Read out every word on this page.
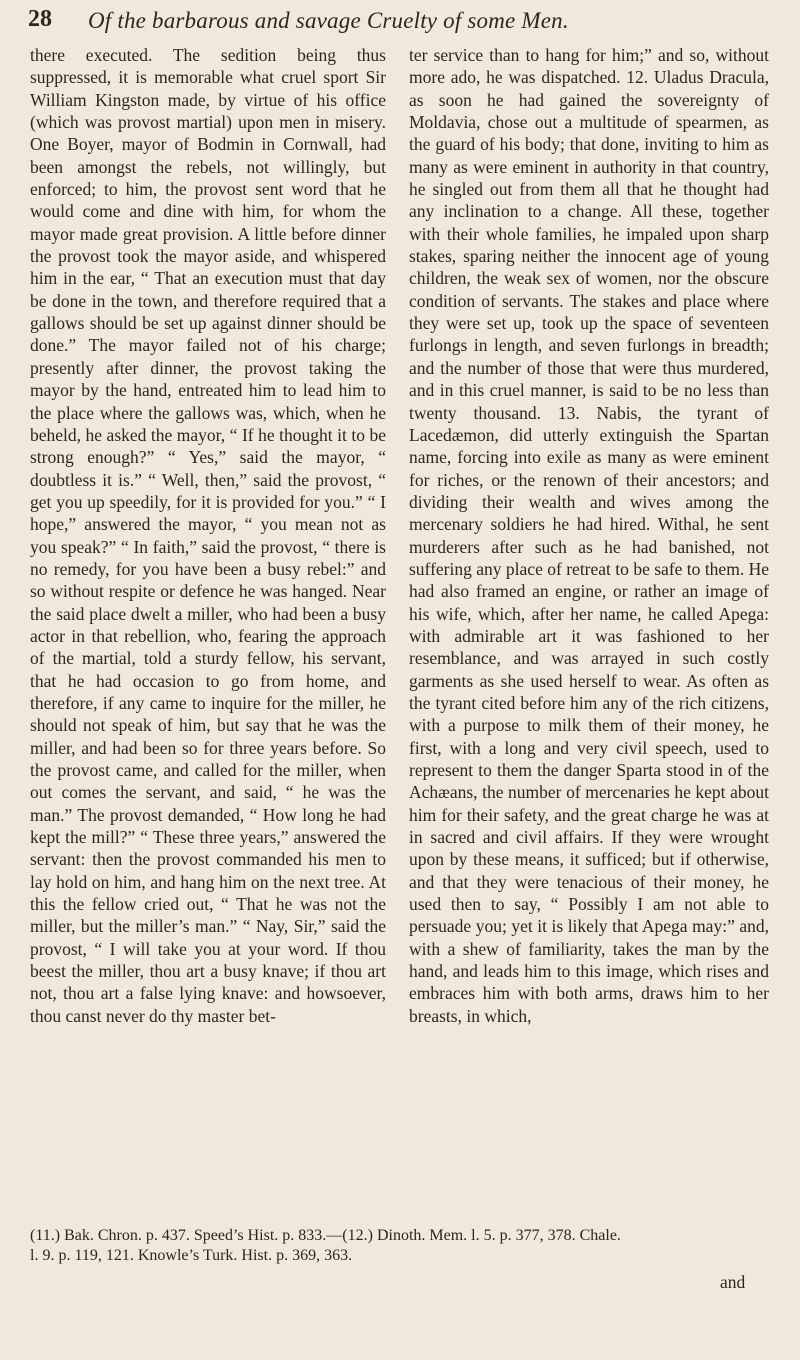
28 Of the barbarous and savage Cruelty of some Men.

there executed. The sedition being thus suppressed, it is memorable what cruel sport Sir William Kingston made, by virtue of his office (which was provost martial) upon men in misery. One Boyer, mayor of Bodmin in Cornwall, had been amongst the rebels, not willingly, but enforced; to him, the provost sent word that he would come and dine with him, for whom the mayor made great provision. A little before dinner the provost took the mayor aside, and whispered him in the ear, “ That an execution must that day be done in the town, and therefore required that a gallows should be set up against dinner should be done.” The mayor failed not of his charge; presently after dinner, the provost taking the mayor by the hand, entreated him to lead him to the place where the gallows was, which, when he beheld, he asked the mayor, “ If he thought it to be strong enough?” “ Yes,” said the mayor, “ doubtless it is.” “ Well, then,” said the provost, “ get you up speedily, for it is provided for you.” “ I hope,” answered the mayor, “ you mean not as you speak?” “ In faith,” said the provost, “ there is no remedy, for you have been a busy rebel:” and so without respite or defence he was hanged. Near the said place dwelt a miller, who had been a busy actor in that rebellion, who, fearing the approach of the martial, told a sturdy fellow, his servant, that he had occasion to go from home, and therefore, if any came to inquire for the miller, he should not speak of him, but say that he was the miller, and had been so for three years before. So the provost came, and called for the miller, when out comes the servant, and said, “ he was the man.” The provost demanded, “ How long he had kept the mill?” “ These three years,” answered the servant: then the provost commanded his men to lay hold on him, and hang him on the next tree. At this the fellow cried out, “ That he was not the miller, but the miller’s man.” “ Nay, Sir,” said the provost, “ I will take you at your word. If thou beest the miller, thou art a busy knave; if thou art not, thou art a false lying knave: and howsoever, thou canst never do thy master bet-

ter service than to hang for him;” and so, without more ado, he was dispatched. 12. Uladus Dracula, as soon he had gained the sovereignty of Moldavia, chose out a multitude of spearmen, as the guard of his body; that done, inviting to him as many as were eminent in authority in that country, he singled out from them all that he thought had any inclination to a change. All these, together with their whole families, he impaled upon sharp stakes, sparing neither the innocent age of young children, the weak sex of women, nor the obscure condition of servants. The stakes and place where they were set up, took up the space of seventeen furlongs in length, and seven furlongs in breadth; and the number of those that were thus murdered, and in this cruel manner, is said to be no less than twenty thousand. 13. Nabis, the tyrant of Lacedæmon, did utterly extinguish the Spartan name, forcing into exile as many as were eminent for riches, or the renown of their ancestors; and dividing their wealth and wives among the mercenary soldiers he had hired. Withal, he sent murderers after such as he had banished, not suffering any place of retreat to be safe to them. He had also framed an engine, or rather an image of his wife, which, after her name, he called Apega: with admirable art it was fashioned to her resemblance, and was arrayed in such costly garments as she used herself to wear. As often as the tyrant cited before him any of the rich citizens, with a purpose to milk them of their money, he first, with a long and very civil speech, used to represent to them the danger Sparta stood in of the Achæans, the number of mercenaries he kept about him for their safety, and the great charge he was at in sacred and civil affairs. If they were wrought upon by these means, it sufficed; but if otherwise, and that they were tenacious of their money, he used then to say, “ Possibly I am not able to persuade you; yet it is likely that Apega may:” and, with a shew of familiarity, takes the man by the hand, and leads him to this image, which rises and embraces him with both arms, draws him to her breasts, in which,

(11.) Bak. Chron. p. 437. Speed’s Hist. p. 833.—(12.) Dinoth. Mem. l. 5. p. 377, 378. Chale.
l. 9. p. 119, 121. Knowle’s Turk. Hist. p. 369, 363.
and
